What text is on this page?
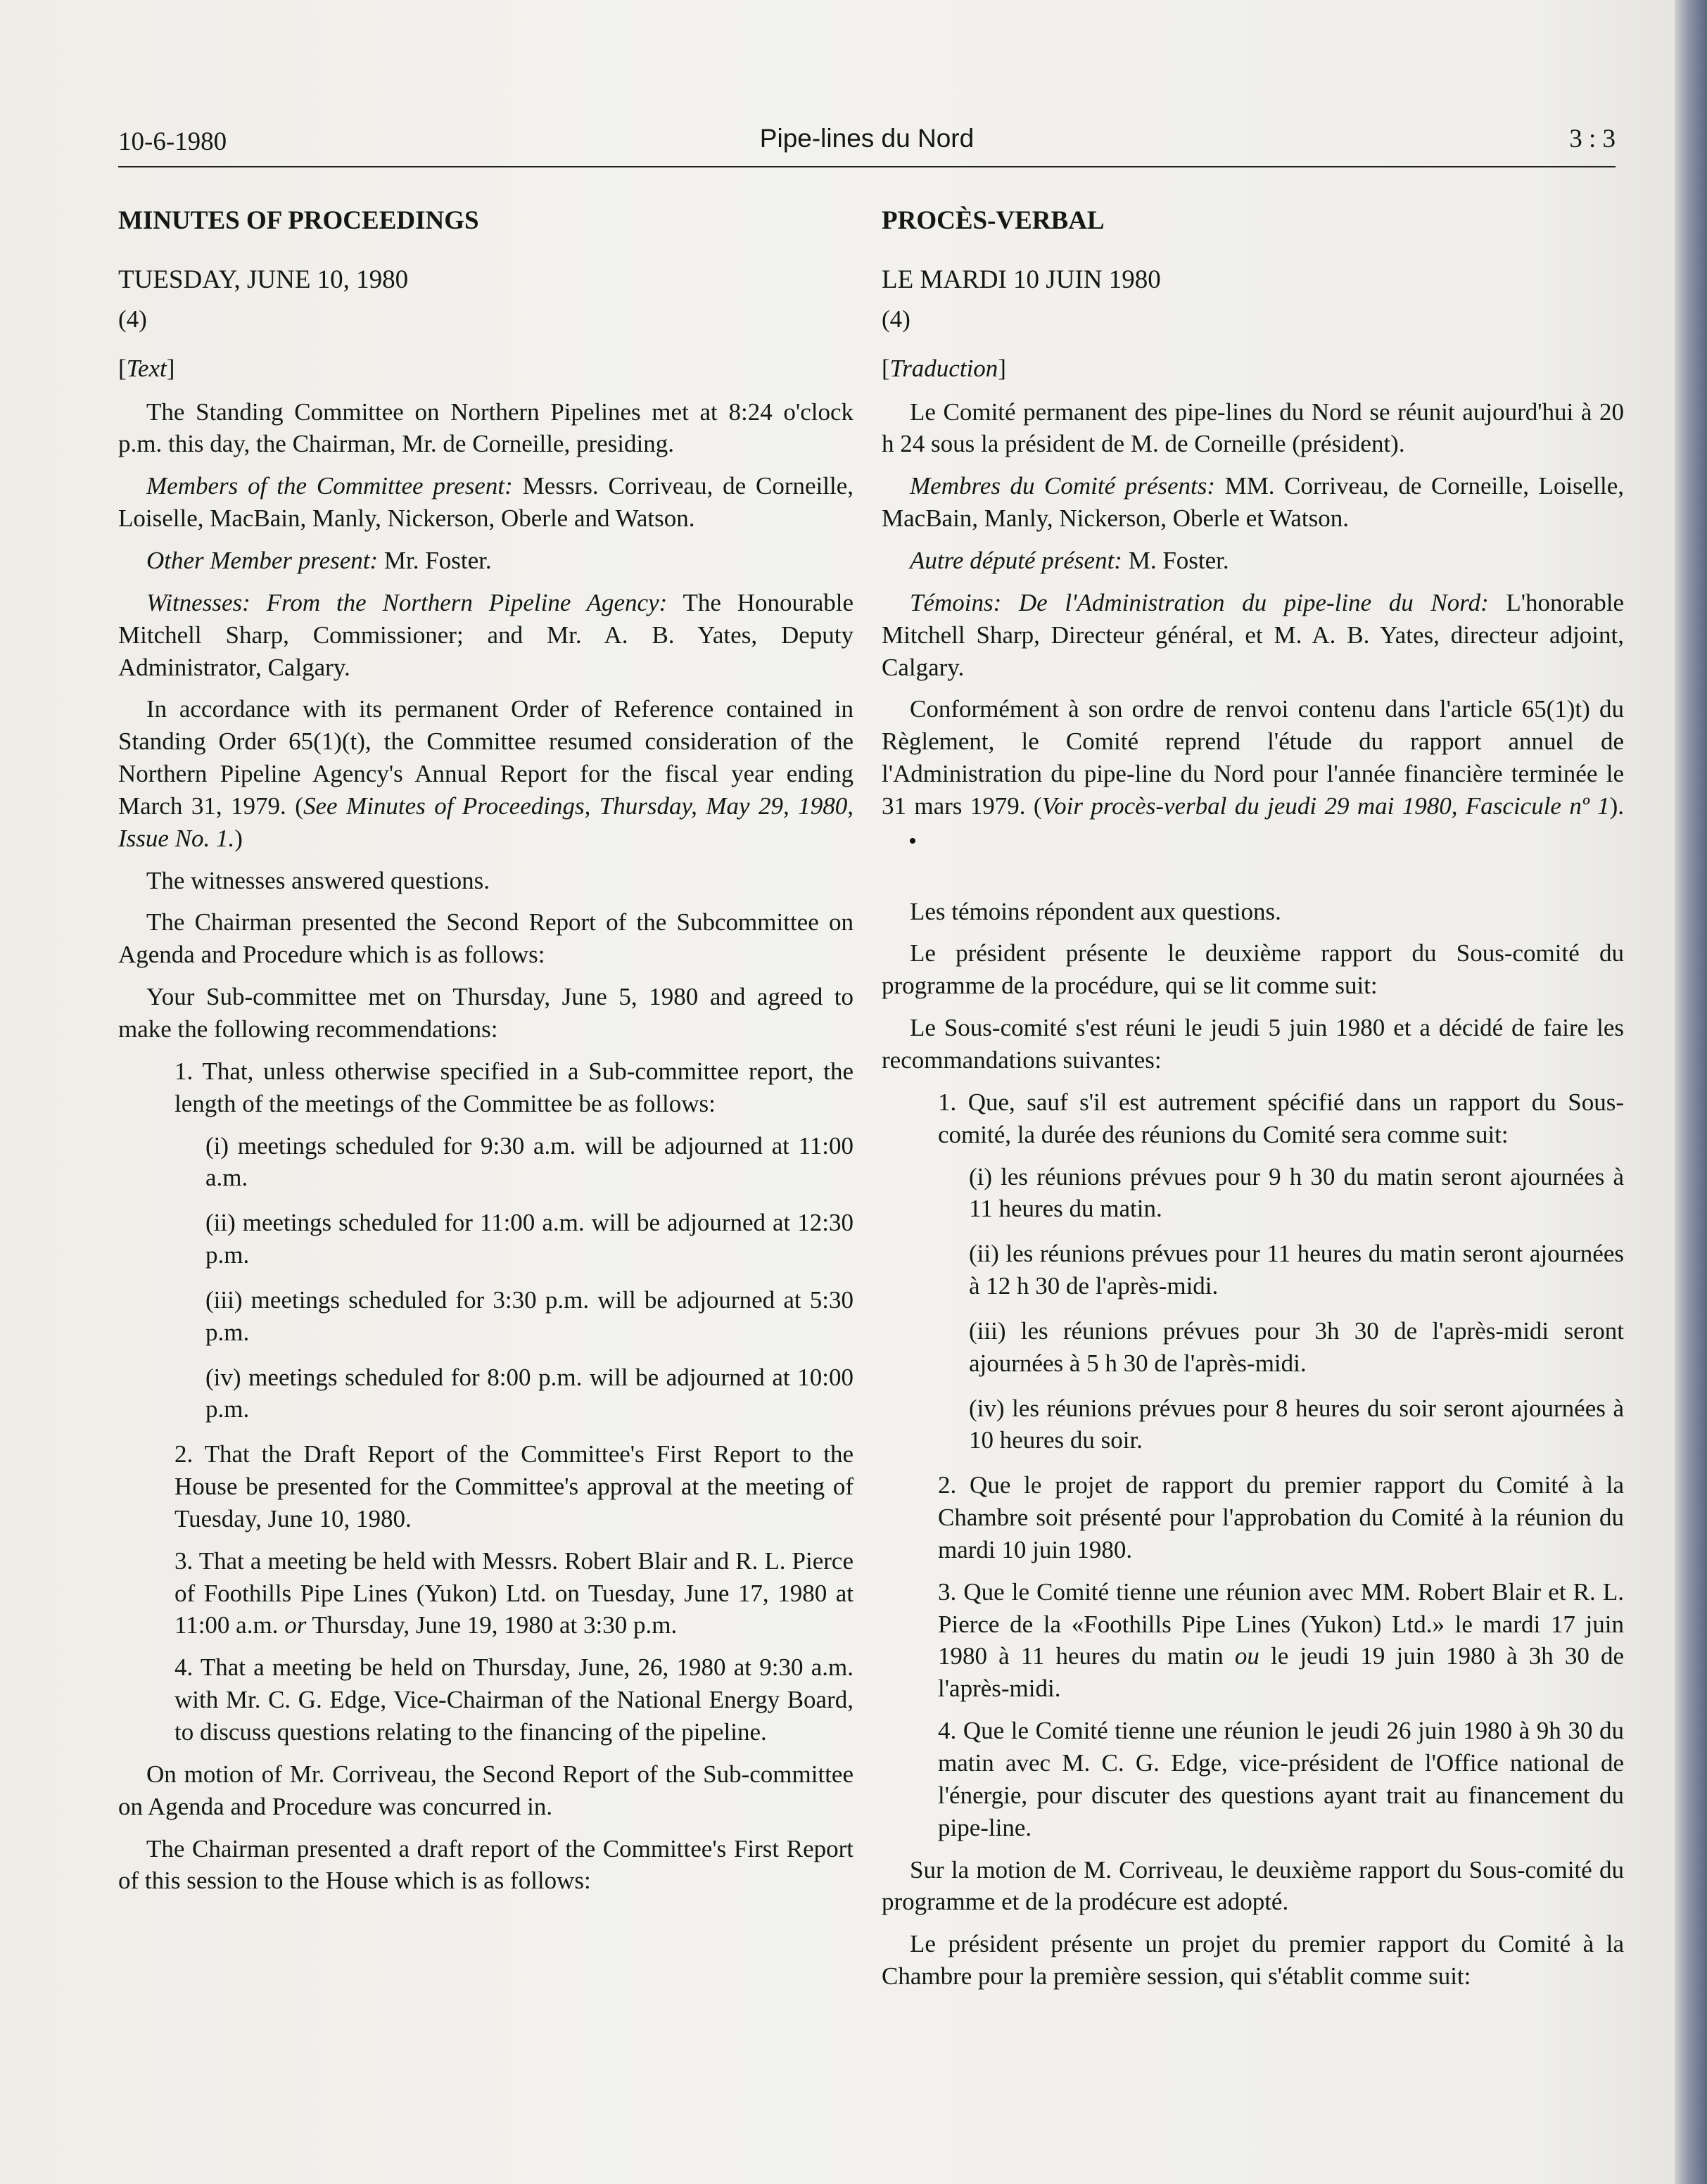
10-6-1980	Pipe-lines du Nord	3 : 3
MINUTES OF PROCEEDINGS
TUESDAY, JUNE 10, 1980
(4)
[Text]

The Standing Committee on Northern Pipelines met at 8:24 o'clock p.m. this day, the Chairman, Mr. de Corneille, presiding.

Members of the Committee present: Messrs. Corriveau, de Corneille, Loiselle, MacBain, Manly, Nickerson, Oberle and Watson.

Other Member present: Mr. Foster.

Witnesses: From the Northern Pipeline Agency: The Honourable Mitchell Sharp, Commissioner; and Mr. A. B. Yates, Deputy Administrator, Calgary.

In accordance with its permanent Order of Reference contained in Standing Order 65(1)(t), the Committee resumed consideration of the Northern Pipeline Agency's Annual Report for the fiscal year ending March 31, 1979. (See Minutes of Proceedings, Thursday, May 29, 1980, Issue No. 1.)

The witnesses answered questions.

The Chairman presented the Second Report of the Subcommittee on Agenda and Procedure which is as follows:

Your Sub-committee met on Thursday, June 5, 1980 and agreed to make the following recommendations:

1. That, unless otherwise specified in a Sub-committee report, the length of the meetings of the Committee be as follows:

(i) meetings scheduled for 9:30 a.m. will be adjourned at 11:00 a.m.

(ii) meetings scheduled for 11:00 a.m. will be adjourned at 12:30 p.m.

(iii) meetings scheduled for 3:30 p.m. will be adjourned at 5:30 p.m.

(iv) meetings scheduled for 8:00 p.m. will be adjourned at 10:00 p.m.

2. That the Draft Report of the Committee's First Report to the House be presented for the Committee's approval at the meeting of Tuesday, June 10, 1980.

3. That a meeting be held with Messrs. Robert Blair and R. L. Pierce of Foothills Pipe Lines (Yukon) Ltd. on Tuesday, June 17, 1980 at 11:00 a.m. or Thursday, June 19, 1980 at 3:30 p.m.

4. That a meeting be held on Thursday, June, 26, 1980 at 9:30 a.m. with Mr. C. G. Edge, Vice-Chairman of the National Energy Board, to discuss questions relating to the financing of the pipeline.

On motion of Mr. Corriveau, the Second Report of the Sub-committee on Agenda and Procedure was concurred in.

The Chairman presented a draft report of the Committee's First Report of this session to the House which is as follows:

PROCÈS-VERBAL
LE MARDI 10 JUIN 1980
(4)
[Traduction]

Le Comité permanent des pipe-lines du Nord se réunit aujourd'hui à 20 h 24 sous la président de M. de Corneille (président).

Membres du Comité présents: MM. Corriveau, de Corneille, Loiselle, MacBain, Manly, Nickerson, Oberle et Watson.

Autre député présent: M. Foster.

Témoins: De l'Administration du pipe-line du Nord: L'honorable Mitchell Sharp, Directeur général, et M. A. B. Yates, directeur adjoint, Calgary.

Conformément à son ordre de renvoi contenu dans l'article 65(1)t) du Règlement, le Comité reprend l'étude du rapport annuel de l'Administration du pipe-line du Nord pour l'année financière terminée le 31 mars 1979. (Voir procès-verbal du jeudi 29 mai 1980, Fascicule nº 1).

Les témoins répondent aux questions.

Le président présente le deuxième rapport du Sous-comité du programme de la procédure, qui se lit comme suit:

Le Sous-comité s'est réuni le jeudi 5 juin 1980 et a décidé de faire les recommandations suivantes:

1. Que, sauf s'il est autrement spécifié dans un rapport du Sous-comité, la durée des réunions du Comité sera comme suit:

(i) les réunions prévues pour 9 h 30 du matin seront ajournées à 11 heures du matin.

(ii) les réunions prévues pour 11 heures du matin seront ajournées à 12 h 30 de l'après-midi.

(iii) les réunions prévues pour 3h 30 de l'après-midi seront ajournées à 5 h 30 de l'après-midi.

(iv) les réunions prévues pour 8 heures du soir seront ajournées à 10 heures du soir.

2. Que le projet de rapport du premier rapport du Comité à la Chambre soit présenté pour l'approbation du Comité à la réunion du mardi 10 juin 1980.

3. Que le Comité tienne une réunion avec MM. Robert Blair et R. L. Pierce de la «Foothills Pipe Lines (Yukon) Ltd.» le mardi 17 juin 1980 à 11 heures du matin ou le jeudi 19 juin 1980 à 3h 30 de l'après-midi.

4. Que le Comité tienne une réunion le jeudi 26 juin 1980 à 9h 30 du matin avec M. C. G. Edge, vice-président de l'Office national de l'énergie, pour discuter des questions ayant trait au financement du pipe-line.

Sur la motion de M. Corriveau, le deuxième rapport du Sous-comité du programme et de la prodécure est adopté.

Le président présente un projet du premier rapport du Comité à la Chambre pour la première session, qui s'établit comme suit:
